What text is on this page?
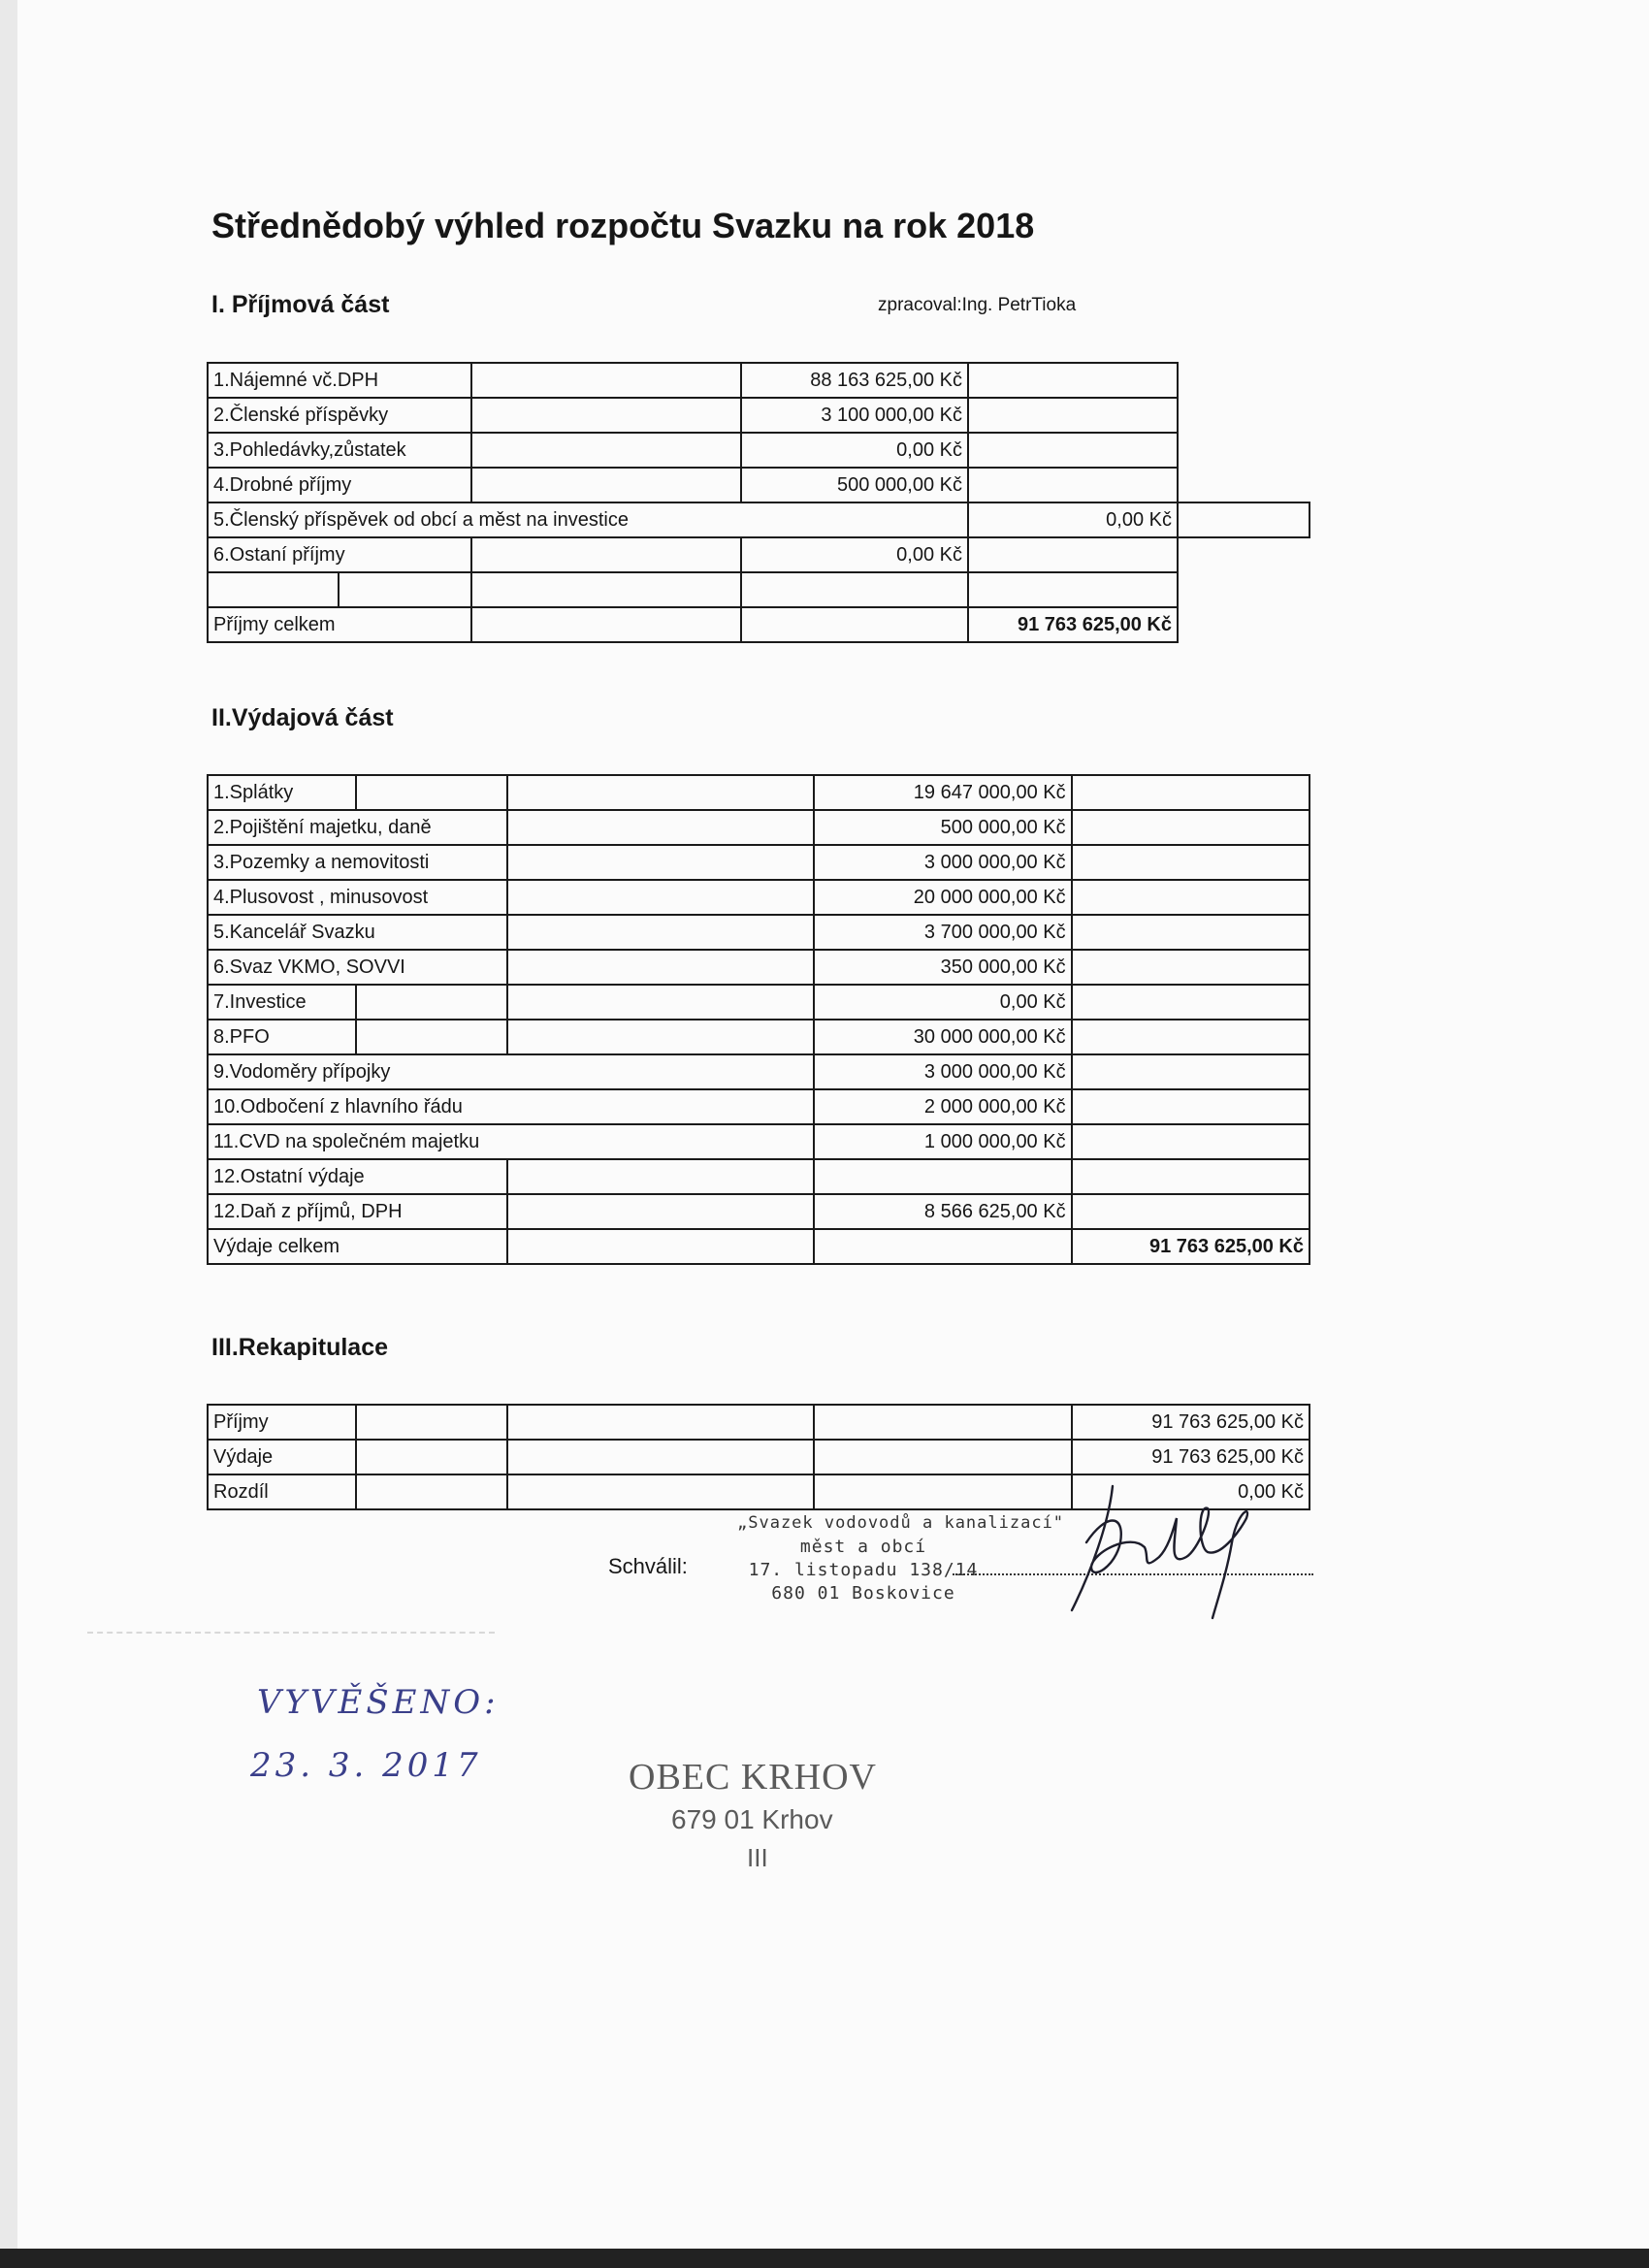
Střednědobý výhled rozpočtu Svazku na rok 2018
I. Příjmová část	zpracoval:Ing. PetrTioka
1.Nájemné vč.DPH			88 163 625,00 Kč		
2.Členské příspěvky			3 100 000,00 Kč		
3.Pohledávky,zůstatek			0,00 Kč		
4.Drobné příjmy			500 000,00 Kč		
5.Členský příspěvek od obcí a měst na investice				0,00 Kč	
6.Ostaní příjmy			0,00 Kč		

Příjmy celkem				91 763 625,00 Kč	
II.Výdajová část
1.Splátky			19 647 000,00 Kč	
2.Pojištění majetku, daně			500 000,00 Kč	
3.Pozemky a nemovitosti			3 000 000,00 Kč	
4.Plusovost , minusovost			20 000 000,00 Kč	
5.Kancelář Svazku			3 700 000,00 Kč	
6.Svaz VKMO, SOVVI			350 000,00 Kč	
7.Investice			0,00 Kč	
8.PFO			30 000 000,00 Kč	
9.Vodoměry přípojky			3 000 000,00 Kč	
10.Odbočení z hlavního řádu			2 000 000,00 Kč	
11.CVD na společném majetku			1 000 000,00 Kč	
12.Ostatní výdaje				
12.Daň z příjmů, DPH			8 566 625,00 Kč	
Výdaje celkem				91 763 625,00 Kč
III.Rekapitulace
Příjmy				91 763 625,00 Kč
Výdaje				91 763 625,00 Kč
Rozdíl				0,00 Kč
Schválil:
„Svazek vodovodů a kanalizací"
měst a obcí
17. listopadu 138/14
680 01 Boskovice
VYVĚŠENO:
23. 3. 2017	OBEC KRHOV
679 01 Krhov
III
